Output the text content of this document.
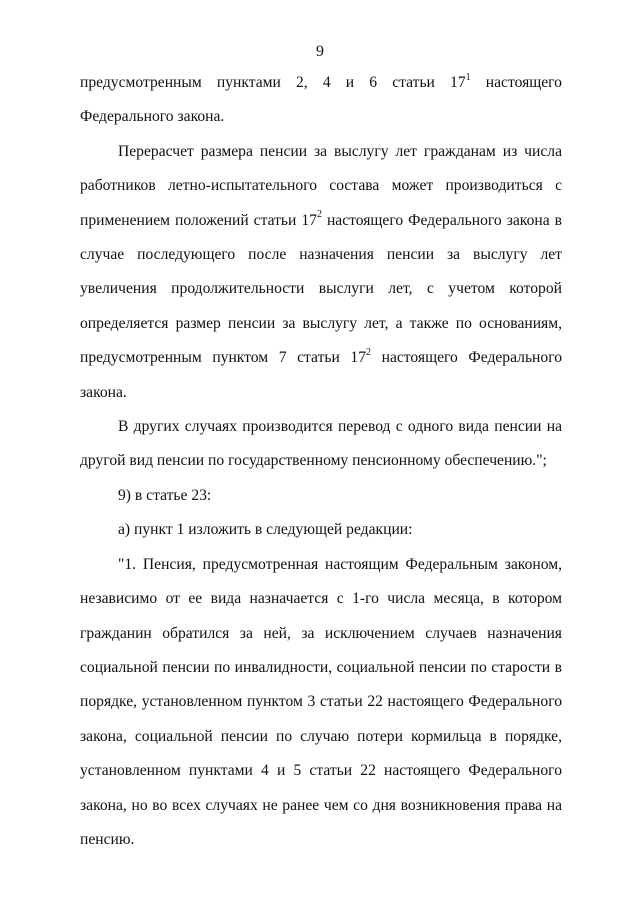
9

предусмотренным пунктами 2, 4 и 6 статьи $17^1$ настоящего Федерального закона.

Перерасчет размера пенсии за выслугу лет гражданам из числа работников летно-испытательного состава может производиться с применением положений статьи $17^2$ настоящего Федерального закона в случае последующего после назначения пенсии за выслугу лет увеличения продолжительности выслуги лет, с учетом которой определяется размер пенсии за выслугу лет, а также по основаниям, предусмотренным пунктом 7 статьи $17^2$ настоящего Федерального закона.

В других случаях производится перевод с одного вида пенсии на другой вид пенсии по государственному пенсионному обеспечению.";

9) в статье 23:

а) пункт 1 изложить в следующей редакции:

"1. Пенсия, предусмотренная настоящим Федеральным законом, независимо от ее вида назначается с 1-го числа месяца, в котором гражданин обратился за ней, за исключением случаев назначения социальной пенсии по инвалидности, социальной пенсии по старости в порядке, установленном пунктом 3 статьи 22 настоящего Федерального закона, социальной пенсии по случаю потери кормильца в порядке, установленном пунктами 4 и 5 статьи 22 настоящего Федерального закона, но во всех случаях не ранее чем со дня возникновения права на пенсию.
